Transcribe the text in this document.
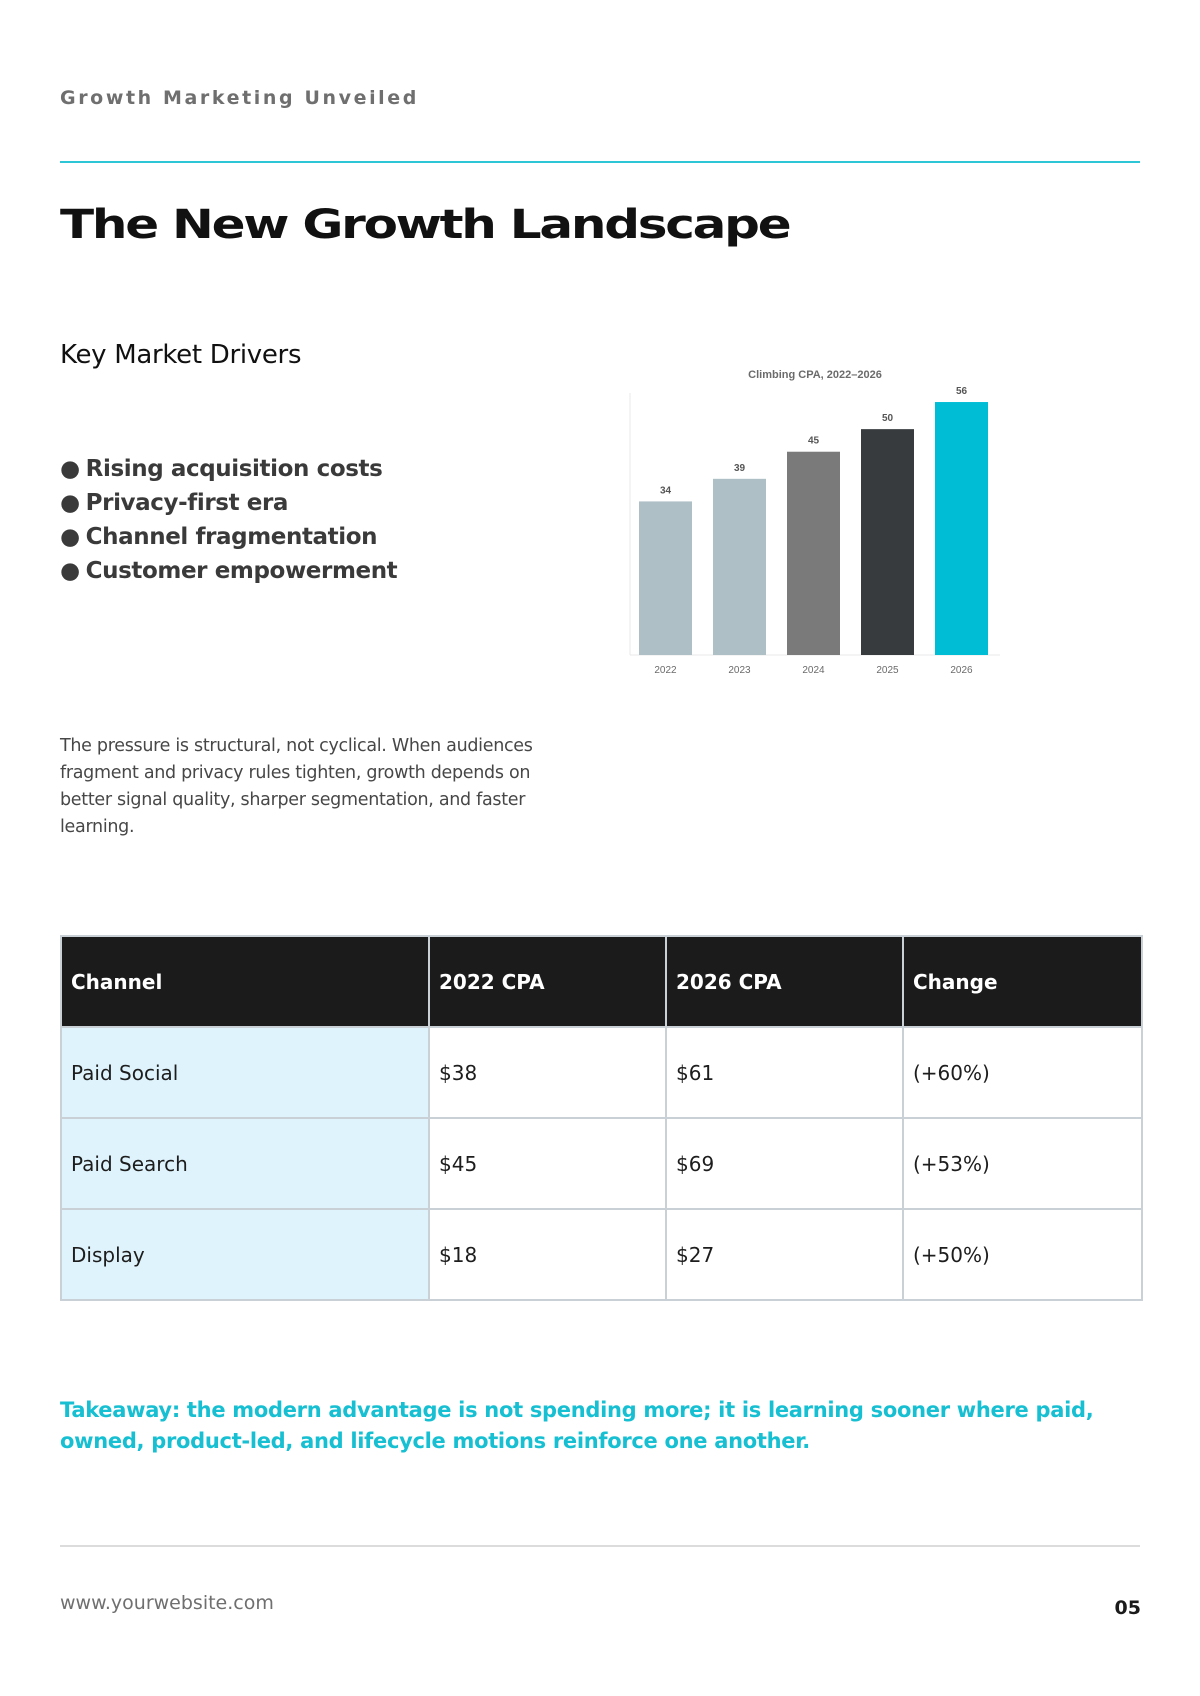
Growth Marketing Unveiled
The New Growth Landscape
Key Market Drivers
● Rising acquisition costs
● Privacy-first era
● Channel fragmentation
● Customer empowerment
Climbing CPA, 2022–2026
34
2022
39
2023
45
2024
50
2025
56
2026

The pressure is structural, not cyclical. When audiences fragment and privacy rules tighten, growth depends on better signal quality, sharper segmentation, and faster learning.

Channel	2022 CPA	2026 CPA	Change
Paid Social	$38	$61	(+60%)
Paid Search	$45	$69	(+53%)
Display	$18	$27	(+50%)

Takeaway: the modern advantage is not spending more; it is learning sooner where paid, owned, product-led, and lifecycle motions reinforce one another.

www.yourwebsite.com	05
